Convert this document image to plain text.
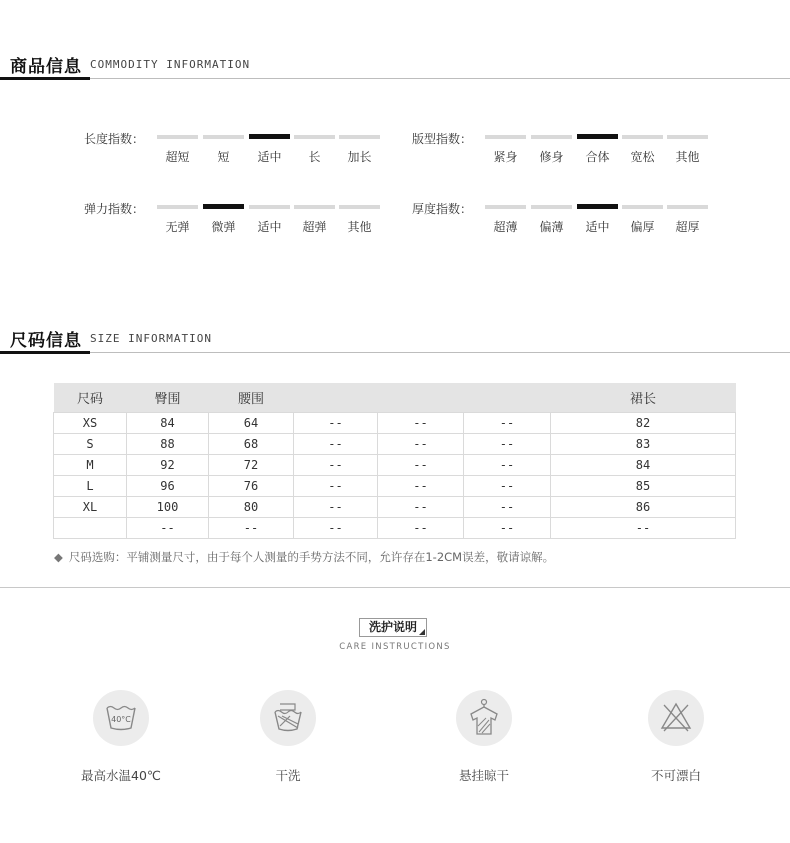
商品信息 COMMODITY INFORMATION
长度指数：
超短	短	适中	长	加长
版型指数：
紧身	修身	合体	宽松	其他
弹力指数：
无弹	微弹	适中	超弹	其他
厚度指数：
超薄	偏薄	适中	偏厚	超厚
尺码信息 SIZE INFORMATION
尺码	臀围	腰围				裙长
XS	84	64	--	--	--	82
S	88	68	--	--	--	83
M	92	72	--	--	--	84
L	96	76	--	--	--	85
XL	100	80	--	--	--	86
	--	--	--	--	--	--
◆ 尺码选购：平铺测量尺寸，由于每个人测量的手势方法不同，允许存在1-2CM误差，敬请谅解。
洗护说明
CARE INSTRUCTIONS
40°C
最高水温40℃	干洗	悬挂晾干	不可漂白
